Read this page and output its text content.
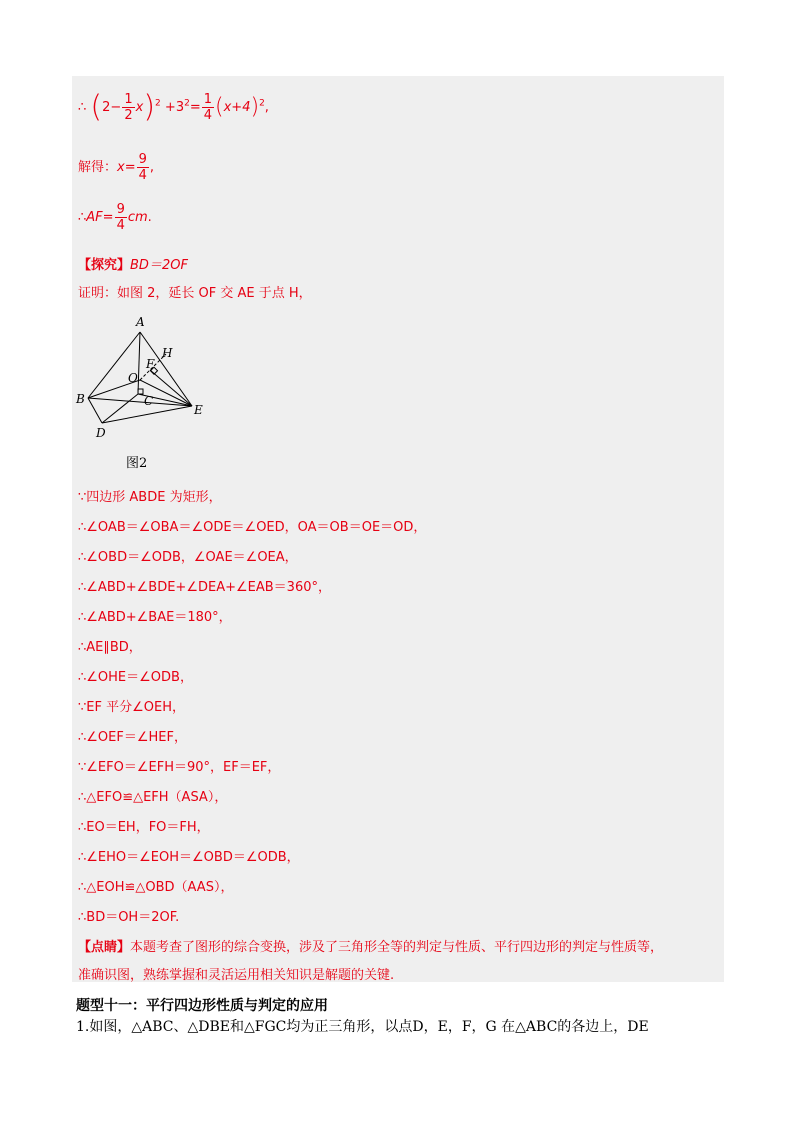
∴ $(2- \frac{1}{2} x)^2 +3^2= \frac{1}{4} (x+4)^2$,
解得：$x= \frac{9}{4}$ ,
∴AF= $\frac{9}{4}$ cm.
【探究】BD＝2OF
证明：如图 2，延长 OF 交 AE 于点 H，
A
H
F
O
B	C
E
D
图2
∵四边形 ABDE 为矩形，
∴∠OAB＝∠OBA＝∠ODE＝∠OED，OA＝OB＝OE＝OD，
∴∠OBD＝∠ODB，∠OAE＝∠OEA，
∴∠ABD+∠BDE+∠DEA+∠EAB＝360°，
∴∠ABD+∠BAE＝180°，
∴AE∥BD，
∴∠OHE＝∠ODB，
∵EF 平分∠OEH，
∴∠OEF＝∠HEF，
∵∠EFO＝∠EFH＝90°，EF＝EF，
∴△EFO≌△EFH（ASA），
∴EO＝EH，FO＝FH，
∴∠EHO＝∠EOH＝∠OBD＝∠ODB，
∴△EOH≌△OBD（AAS），
∴BD＝OH＝2OF.
【点睛】本题考查了图形的综合变换，涉及了三角形全等的判定与性质、平行四边形的判定与性质等，
准确识图，熟练掌握和灵活运用相关知识是解题的关键.
题型十一：平行四边形性质与判定的应用
1.如图，△ABC、△DBE和△FGC均为正三角形，以点D，E，F，G 在△ABC的各边上，DE
